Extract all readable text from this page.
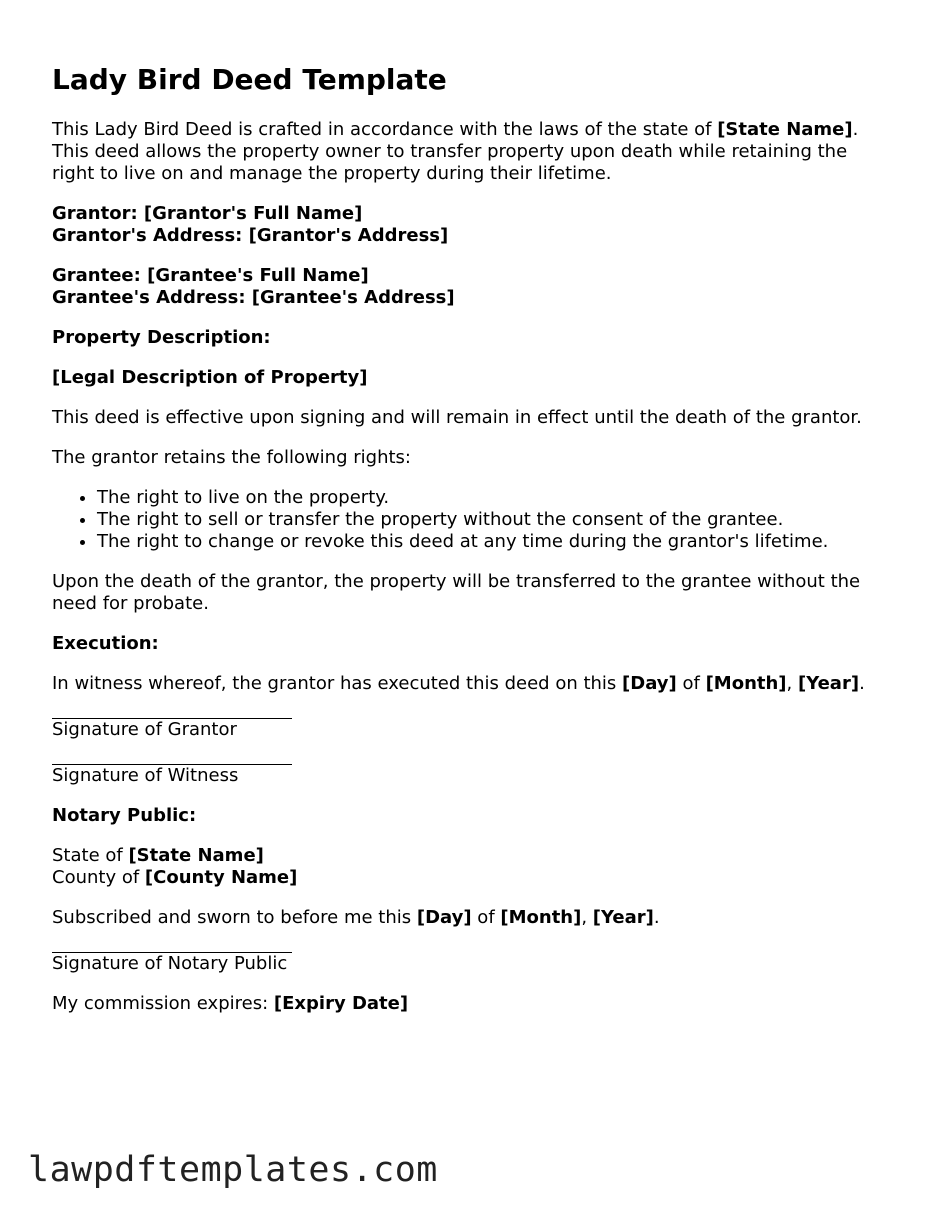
Lady Bird Deed Template

This Lady Bird Deed is crafted in accordance with the laws of the state of [State Name]. This deed allows the property owner to transfer property upon death while retaining the right to live on and manage the property during their lifetime.

Grantor: [Grantor's Full Name]
Grantor's Address: [Grantor's Address]

Grantee: [Grantee's Full Name]
Grantee's Address: [Grantee's Address]

Property Description:

[Legal Description of Property]

This deed is effective upon signing and will remain in effect until the death of the grantor.

The grantor retains the following rights:

• The right to live on the property.
• The right to sell or transfer the property without the consent of the grantee.
• The right to change or revoke this deed at any time during the grantor's lifetime.

Upon the death of the grantor, the property will be transferred to the grantee without the need for probate.

Execution:

In witness whereof, the grantor has executed this deed on this [Day] of [Month], [Year].

Signature of Grantor
Signature of Witness

Notary Public:

State of [State Name]
County of [County Name]

Subscribed and sworn to before me this [Day] of [Month], [Year].

Signature of Notary Public

My commission expires: [Expiry Date]

lawpdftemplates.com
